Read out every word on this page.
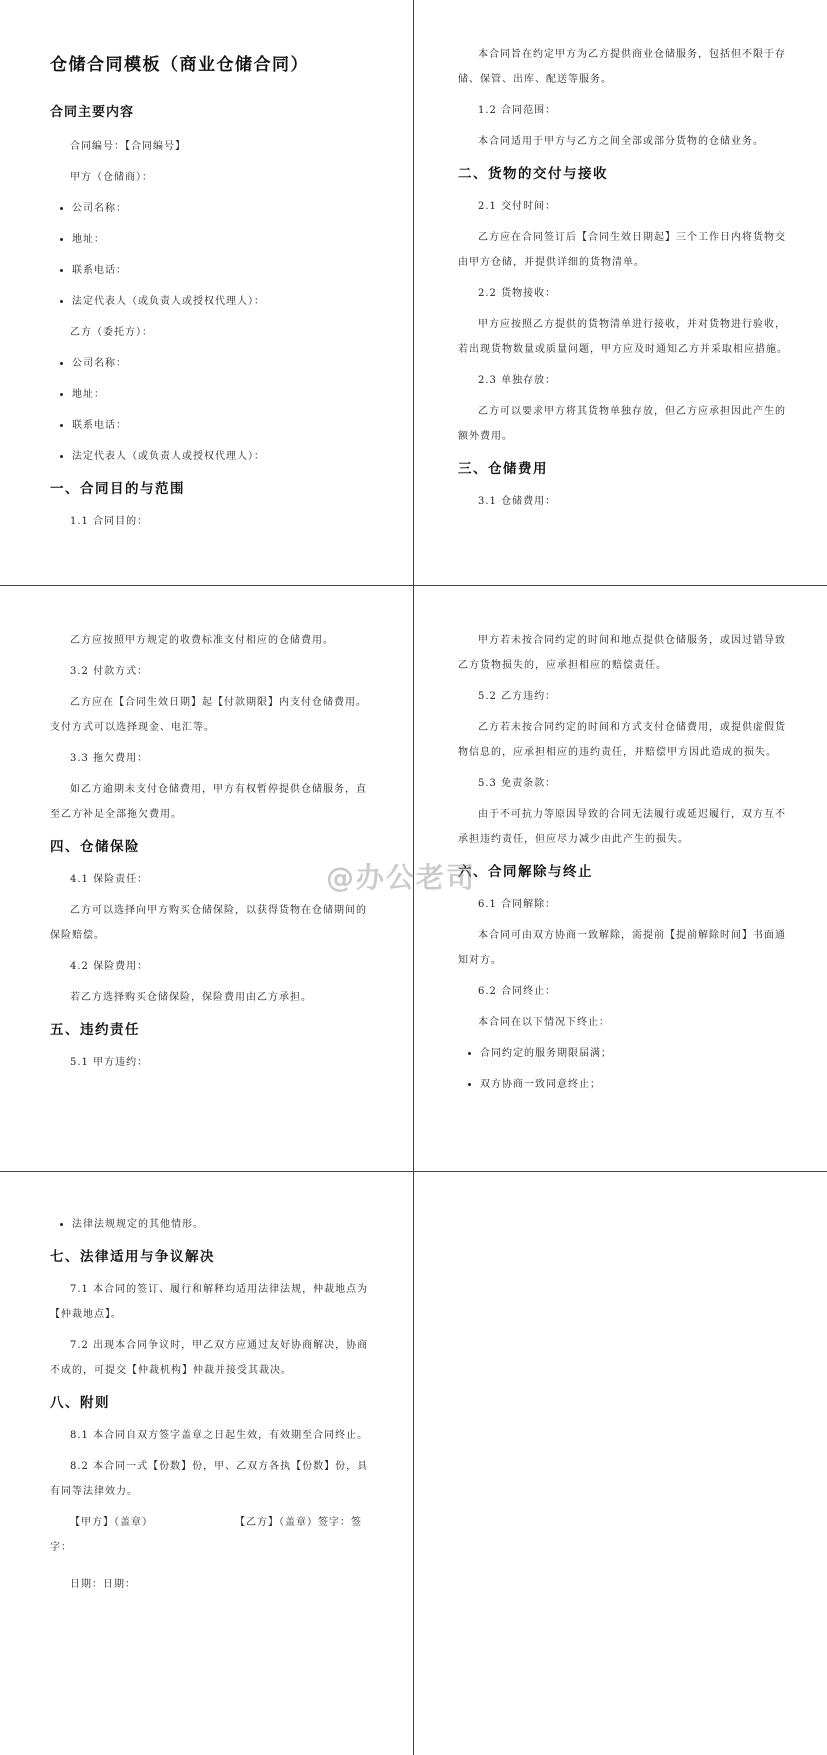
仓储合同模板（商业仓储合同）
合同主要内容

合同编号：【合同编号】

甲方（仓储商）：

• 公司名称：
• 地址：
• 联系电话：
• 法定代表人（或负责人或授权代理人）：

乙方（委托方）：

• 公司名称：
• 地址：
• 联系电话：
• 法定代表人（或负责人或授权代理人）：
一、合同目的与范围

1.1 合同目的：

本合同旨在约定甲方为乙方提供商业仓储服务，包括但不限于存储、保管、出库、配送等服务。

1.2 合同范围：

本合同适用于甲方与乙方之间全部或部分货物的仓储业务。

二、货物的交付与接收

2.1 交付时间：

乙方应在合同签订后【合同生效日期起】三个工作日内将货物交由甲方仓储，并提供详细的货物清单。

2.2 货物接收：

甲方应按照乙方提供的货物清单进行接收，并对货物进行验收，若出现货物数量或质量问题，甲方应及时通知乙方并采取相应措施。

2.3 单独存放：

乙方可以要求甲方将其货物单独存放，但乙方应承担因此产生的额外费用。

三、仓储费用

3.1 仓储费用：

乙方应按照甲方规定的收费标准支付相应的仓储费用。

3.2 付款方式：

乙方应在【合同生效日期】起【付款期限】内支付仓储费用。支付方式可以选择现金、电汇等。

3.3 拖欠费用：

如乙方逾期未支付仓储费用，甲方有权暂停提供仓储服务，直至乙方补足全部拖欠费用。

四、仓储保险

4.1 保险责任：

乙方可以选择向甲方购买仓储保险，以获得货物在仓储期间的保险赔偿。

4.2 保险费用：

若乙方选择购买仓储保险，保险费用由乙方承担。

五、违约责任

5.1 甲方违约：

甲方若未按合同约定的时间和地点提供仓储服务，或因过错导致乙方货物损失的，应承担相应的赔偿责任。

5.2 乙方违约：

乙方若未按合同约定的时间和方式支付仓储费用，或提供虚假货物信息的，应承担相应的违约责任，并赔偿甲方因此造成的损失。

5.3 免责条款：

由于不可抗力等原因导致的合同无法履行或延迟履行，双方互不承担违约责任，但应尽力减少由此产生的损失。

六、合同解除与终止

6.1 合同解除：

本合同可由双方协商一致解除，需提前【提前解除时间】书面通知对方。

6.2 合同终止：

本合同在以下情况下终止：

• 合同约定的服务期限届满；
• 双方协商一致同意终止；
• 法律法规规定的其他情形。
七、法律适用与争议解决

7.1 本合同的签订、履行和解释均适用法律法规，仲裁地点为【仲裁地点】。

7.2 出现本合同争议时，甲乙双方应通过友好协商解决，协商不成的，可提交【仲裁机构】仲裁并接受其裁决。

八、附则

8.1 本合同自双方签字盖章之日起生效，有效期至合同终止。

8.2 本合同一式【份数】份，甲、乙双方各执【份数】份，具有同等法律效力。

【甲方】（盖章）	【乙方】（盖章）签字：签

字：

日期：日期：

@办公老司
